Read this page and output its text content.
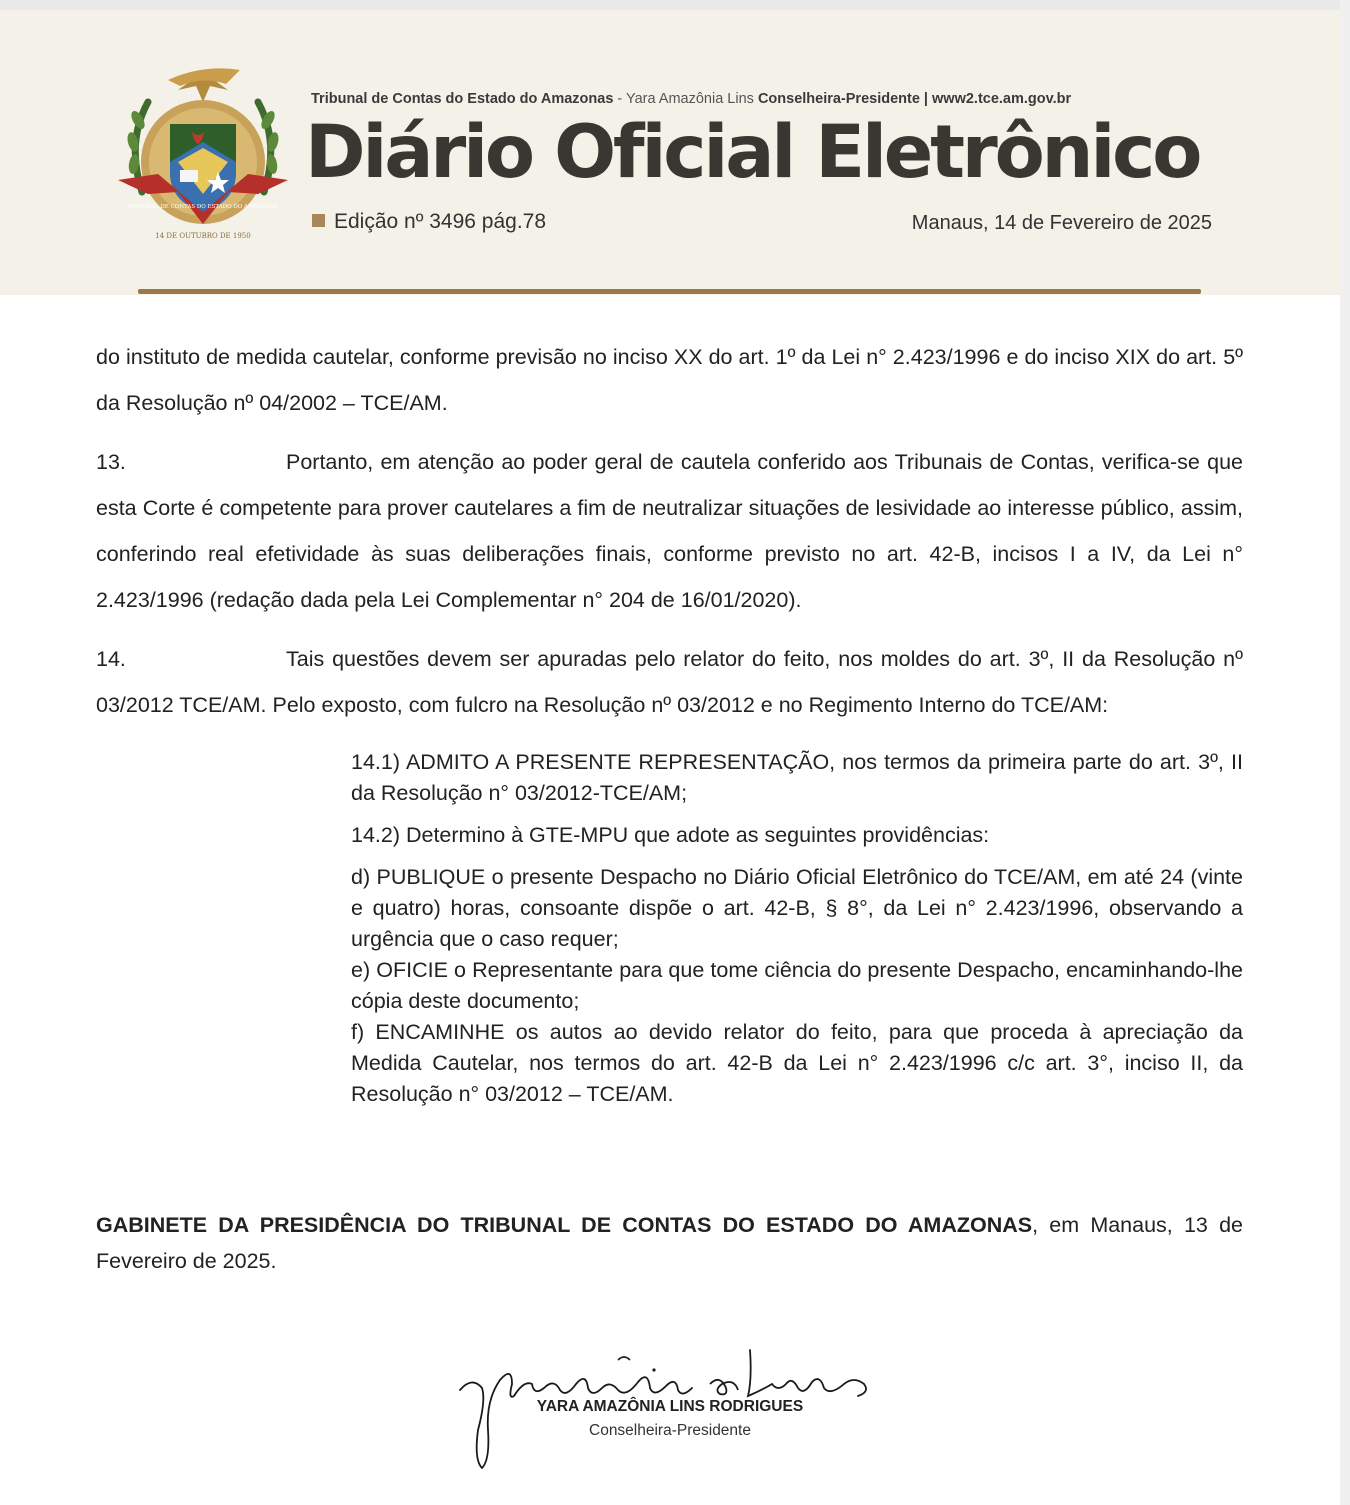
14 DE OUTUBRO DE 1950
TRIBUNAL DE CONTAS DO ESTADO DO AMAZONAS
Tribunal de Contas do Estado do Amazonas - Yara Amazônia Lins Conselheira-Presidente | www2.tce.am.gov.br
Diário Oficial Eletrônico
Edição nº 3496 pág.78	Manaus, 14 de Fevereiro de 2025

do instituto de medida cautelar, conforme previsão no inciso XX do art. 1º da Lei n° 2.423/1996 e do inciso XIX do art. 5º da Resolução nº 04/2002 – TCE/AM.

13.	Portanto, em atenção ao poder geral de cautela conferido aos Tribunais de Contas, verifica-se que esta Corte é competente para prover cautelares a fim de neutralizar situações de lesividade ao interesse público, assim, conferindo real efetividade às suas deliberações finais, conforme previsto no art. 42-B, incisos I a IV, da Lei n° 2.423/1996 (redação dada pela Lei Complementar n° 204 de 16/01/2020).

14.	Tais questões devem ser apuradas pelo relator do feito, nos moldes do art. 3º, II da Resolução nº 03/2012 TCE/AM. Pelo exposto, com fulcro na Resolução nº 03/2012 e no Regimento Interno do TCE/AM:

14.1) ADMITO A PRESENTE REPRESENTAÇÃO, nos termos da primeira parte do art. 3º, II da Resolução n° 03/2012-TCE/AM;

14.2) Determino à GTE-MPU que adote as seguintes providências:

d) PUBLIQUE o presente Despacho no Diário Oficial Eletrônico do TCE/AM, em até 24 (vinte e quatro) horas, consoante dispõe o art. 42-B, § 8°, da Lei n° 2.423/1996, observando a urgência que o caso requer;

e) OFICIE o Representante para que tome ciência do presente Despacho, encaminhando-lhe cópia deste documento;

f) ENCAMINHE os autos ao devido relator do feito, para que proceda à apreciação da Medida Cautelar, nos termos do art. 42-B da Lei n° 2.423/1996 c/c art. 3°, inciso II, da Resolução n° 03/2012 – TCE/AM.

GABINETE DA PRESIDÊNCIA DO TRIBUNAL DE CONTAS DO ESTADO DO AMAZONAS, em Manaus, 13 de Fevereiro de 2025.

YARA AMAZÔNIA LINS RODRIGUES
Conselheira-Presidente
